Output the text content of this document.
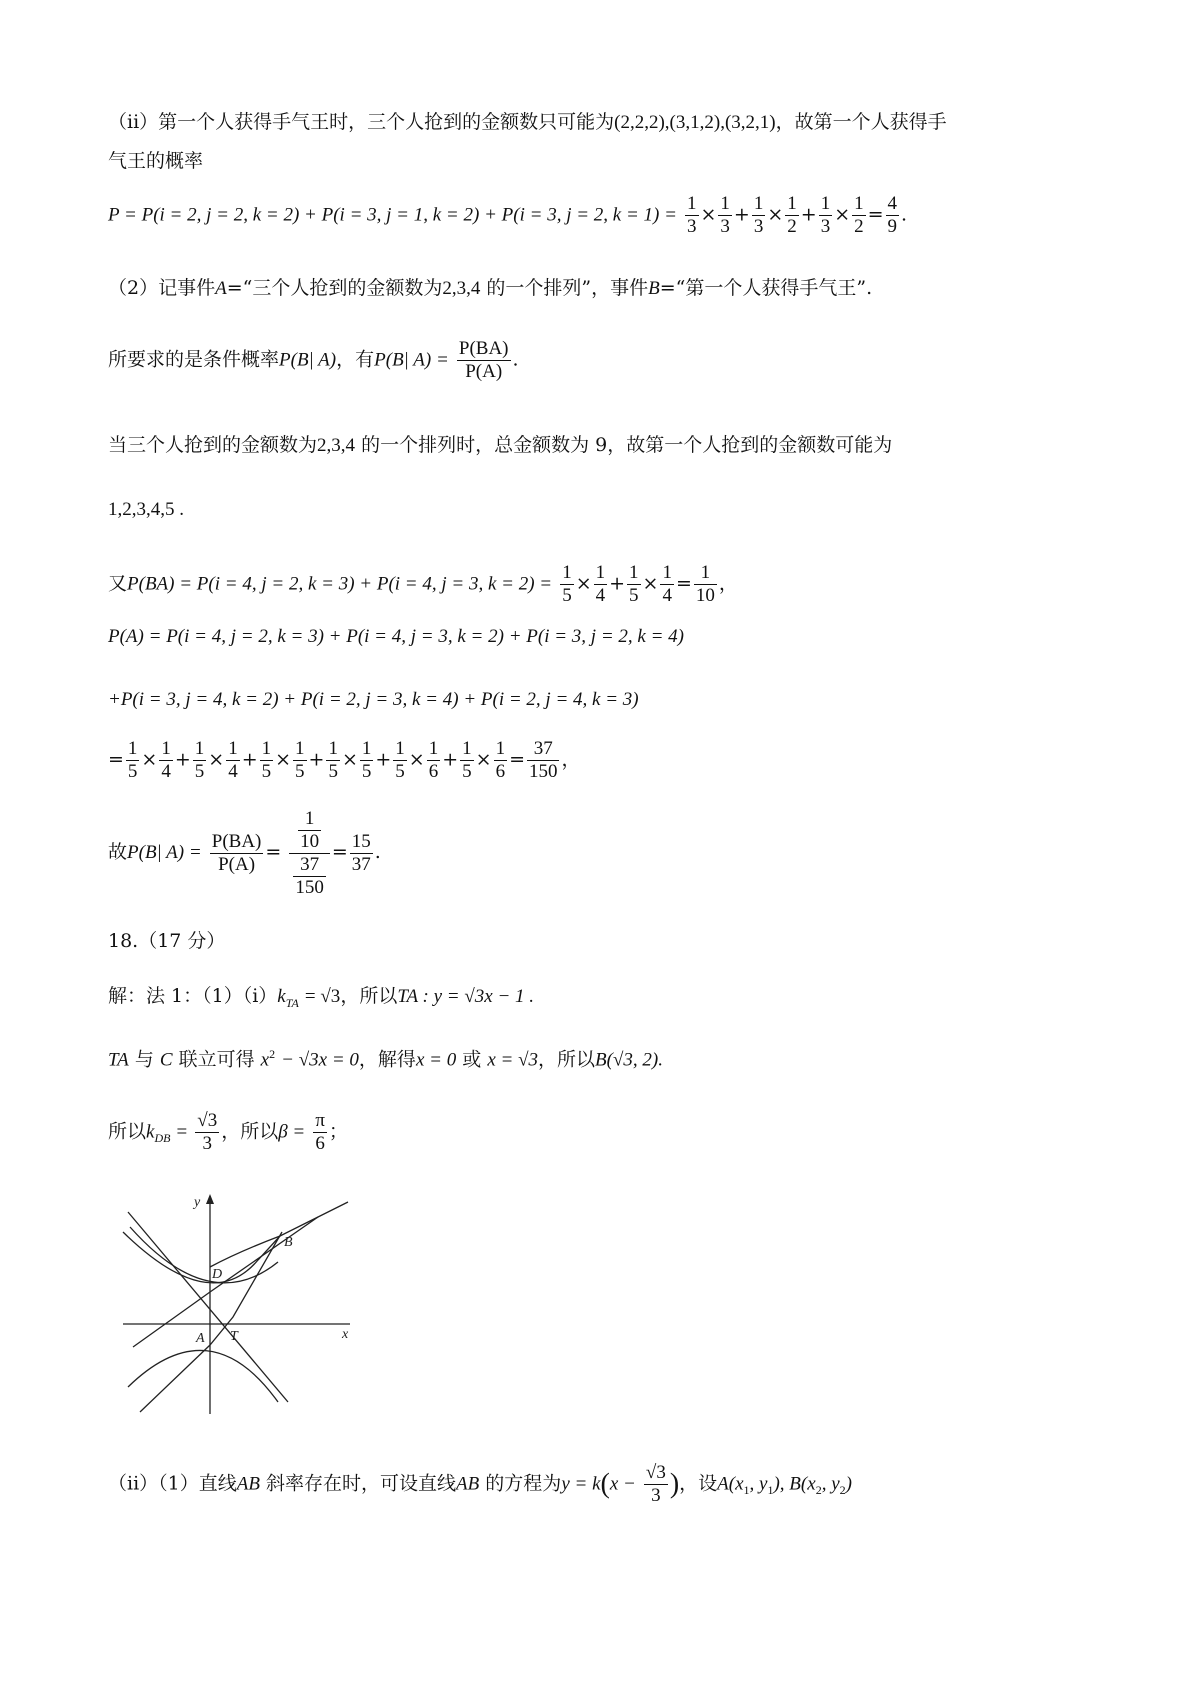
（ii）第一个人获得手气王时，三个人抢到的金额数只可能为(2,2,2),(3,1,2),(3,2,1)，故第一个人获得手
气王的概率
P = P(i = 2, j = 2, k = 2) + P(i = 3, j = 1, k = 2) + P(i = 3, j = 2, $k = 1) = \frac{1}{3} \times \frac{1}{3} + \frac{1}{3} \times \frac{1}{2} + \frac{1}{3} \times \frac{1}{2} = \frac{4}{9}$ .
（2）记事件A=“三个人抢到的金额数为2,3,4 的一个排列”，事件B=“第一个人获得手气王”.
所要求的是条件概率P(B| A)，有P(B| $A) = \frac{P(BA)}{P(A)}$ .
当三个人抢到的金额数为2,3,4 的一个排列时，总金额数为 9，故第一个人抢到的金额数可能为
1,2,3,4,5 .
又P(BA) = P(i = 4, j = 2, k = 3) + P(i = 4, j = 3, $k = 2) = \frac{1}{5} \times \frac{1}{4} + \frac{1}{5} \times \frac{1}{4} = \frac{1}{10}$ ，
P(A) = P(i = 4, j = 2, k = 3) + P(i = 4, j = 3, k = 2) + P(i = 3, j = 2, k = 4)
+P(i = 3, j = 4, k = 2) + P(i = 2, j = 3, k = 4) + P(i = 2, j = 4, k = 3)
= $\frac{1}{5} \times \frac{1}{4} + \frac{1}{5} \times \frac{1}{4} + \frac{1}{5} \times \frac{1}{5} + \frac{1}{5} \times \frac{1}{5} + \frac{1}{5} \times \frac{1}{6} + \frac{1}{5} \times \frac{1}{6} = \frac{37}{150}$ ，
故P(B| $A) = \frac{P(BA)}{P(A)} = \frac{\frac{1}{10}}{\frac{37}{150}} = \frac{15}{37}$ .
18.（17 分）
解：法 1：$(1)(i)k_{TA} = √3$，所以TA : y = √3x − 1 .
TA 与 C 联立可得 $x^2 - √3x = 0$，解得x = 0 或 x = √3，所以B(√3, 2).
所以$k_{DB} = \frac{√3}{3}$ ，所以$\beta = \frac{\pi}{6}$ ；
y
x
D
B
T
A
（ii）（1）直线AB 斜率存在时，可设直线AB 的方程为$y = k(x - \frac{√3}{3}$ )，设$A(x_1$, $y_1$), $B(x_2$, $y_2$)
